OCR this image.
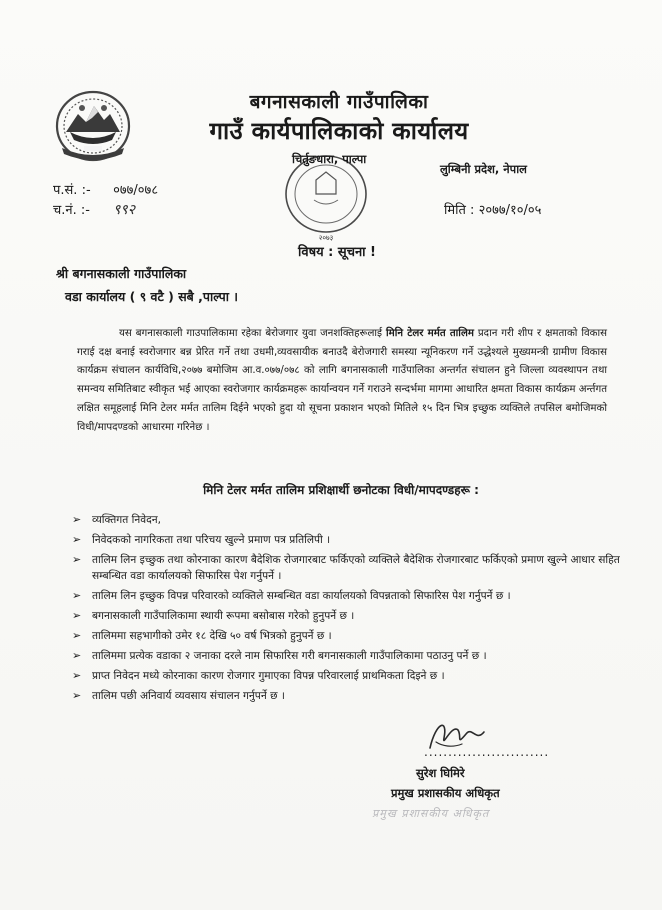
बगनासकाली गाउँपालिका
गाउँ कार्यपालिकाको कार्यालय
२०७३
चिर्तुङधारा, पाल्पा
लुम्बिनी प्रदेश, नेपाल
प.सं. :- ०७७/०७८
च.नं. :- ९९२	मिति : २०७७/१०/०५
विषय : सूचना !
श्री बगनासकाली गाउँपालिका
वडा कार्यालय ( ९ वटै ) सबै ,पाल्पा ।

यस बगनासकाली गाउपालिकामा रहेका बेरोजगार युवा जनशक्तिहरूलाई मिनि टेलर मर्मत तालिम प्रदान गरी शीप र क्षमताको विकास गराई दक्ष बनाई स्वरोजगार बन्न प्रेरित गर्ने तथा उधमी,व्यवसायीक बनाउदै बेरोजगारी समस्या न्यूनिकरण गर्ने उद्धेश्यले मुख्यमन्त्री ग्रामीण विकास कार्यक्रम संचालन कार्यविधि,२०७७ बमोजिम आ.व.०७७/०७८ को लागि बगनासकाली गाउँपालिका अन्तर्गत संचालन हुने जिल्ला व्यवस्थापन तथा समन्वय समितिबाट स्वीकृत भई आएका स्वरोजगार कार्यक्रमहरू कार्यान्वयन गर्ने गराउने सन्दर्भमा मागमा आधारित क्षमता विकास कार्यक्रम अर्न्तगत लक्षित समूहलाई मिनि टेलर मर्मत तालिम दिईने भएको हुदा यो सूचना प्रकाशन भएको मितिले १५ दिन भित्र इच्छुक व्यक्तिले तपसिल बमोजिमको विधी/मापदण्डको आधारमा गरिनेछ ।

मिनि टेलर मर्मत तालिम प्रशिक्षार्थी छनोटका विधी/मापदण्डहरू :
➢ व्यक्तिगत निवेदन,
➢ निवेदकको नागरिकता तथा परिचय खुल्ने प्रमाण पत्र प्रतिलिपी ।
➢ तालिम लिन इच्छुक तथा कोरनाका कारण बैदेशिक रोजगारबाट फर्किएको व्यक्तिले बैदेशिक रोजगारबाट फर्किएको प्रमाण खुल्ने आधार सहित सम्बन्धित वडा कार्यालयको सिफारिस पेश गर्नुपर्ने ।
➢ तालिम लिन इच्छुक विपन्न परिवारको व्यक्तिले सम्बन्धित वडा कार्यालयको विपन्नताको सिफारिस पेश गर्नुपर्ने छ ।
➢ बगनासकाली गाउँपालिकामा स्थायी रूपमा बसोबास गरेको हुनुपर्ने छ ।
➢ तालिममा सहभागीको उमेर १८ देखि ५० वर्ष भित्रको हुनुपर्ने छ ।
➢ तालिममा प्रत्येक वडाका २ जनाका दरले नाम सिफारिस गरी बगनासकाली गाउँपालिकामा पठाउनु पर्ने छ ।
➢ प्राप्त निवेदन मध्ये कोरनाका कारण रोजगार गुमाएका विपन्न परिवारलाई प्राथमिकता दिइने छ ।
➢ तालिम पछी अनिवार्य व्यवसाय संचालन गर्नुपर्ने छ ।
..........................
सुरेश घिमिरे
प्रमुख प्रशासकीय अधिकृत
प्रमुख प्रशासकीय अधिकृत
